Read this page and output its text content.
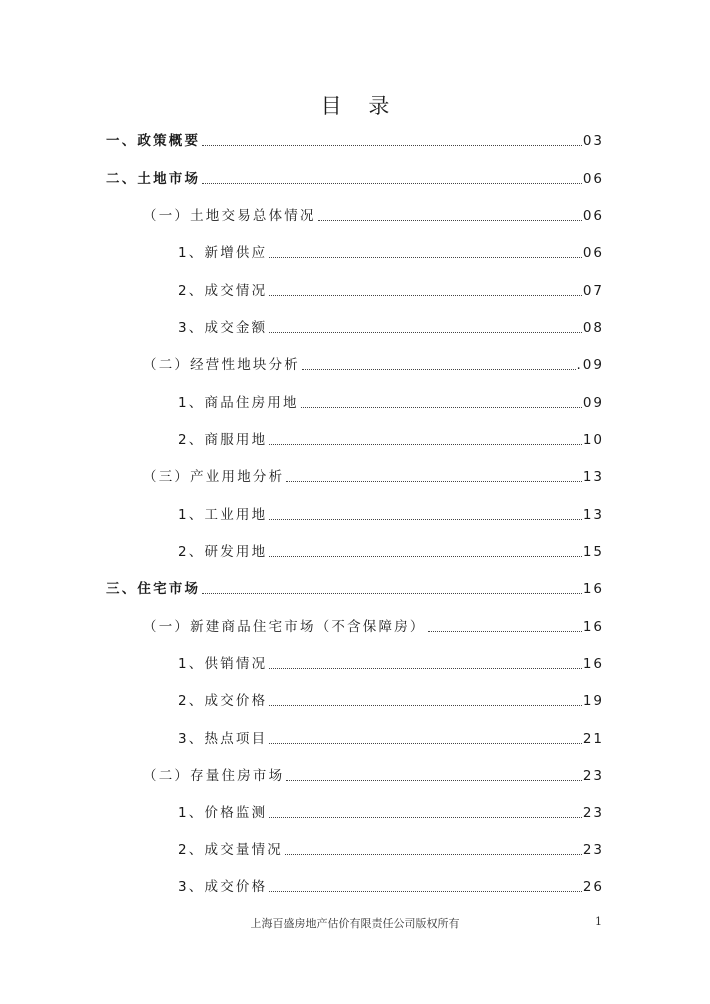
目 录
一、政策概要	03
二、土地市场	06
（一）土地交易总体情况	06
1、新增供应	06
2、成交情况	07
3、成交金额	08
（二）经营性地块分析	.09
1、商品住房用地	09
2、商服用地	10
（三）产业用地分析	13
1、工业用地	13
2、研发用地	15
三、住宅市场	16
（一）新建商品住宅市场（不含保障房）	16
1、供销情况	16
2、成交价格	19
3、热点项目	21
（二）存量住房市场	23
1、价格监测	23
2、成交量情况	23
3、成交价格	26
上海百盛房地产估价有限责任公司版权所有	1
